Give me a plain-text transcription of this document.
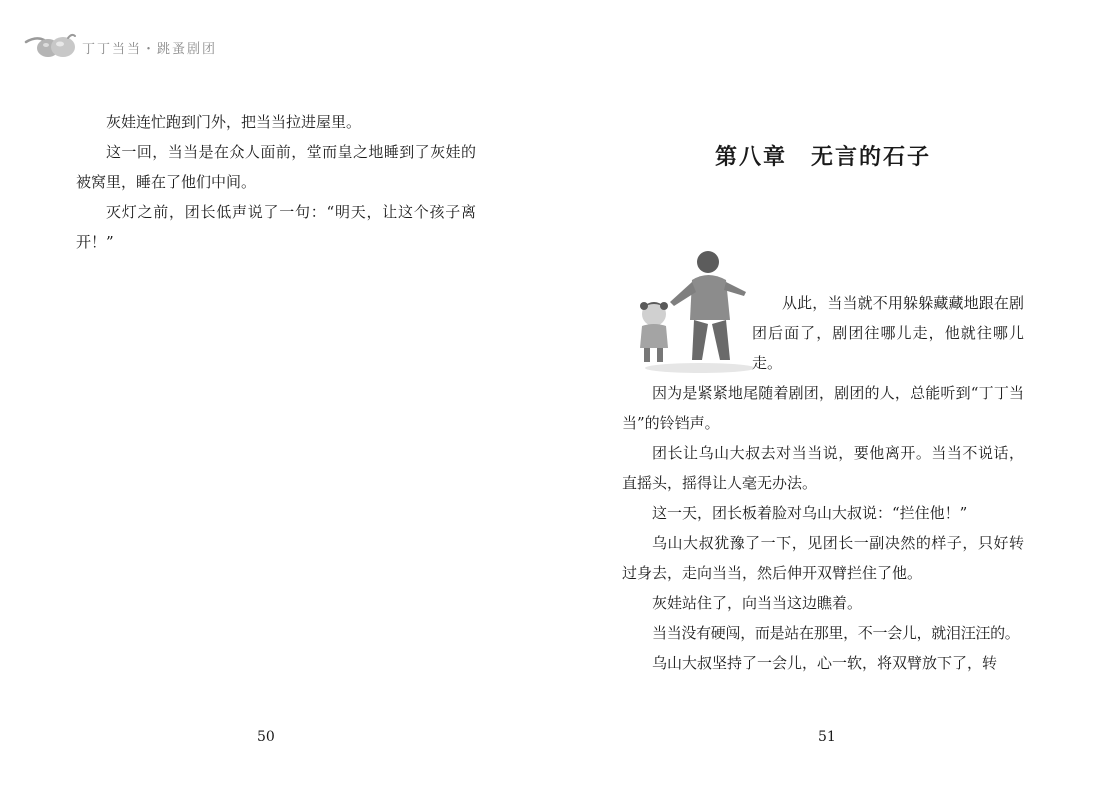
丁丁当当・跳蚤剧团

灰娃连忙跑到门外，把当当拉进屋里。

这一回，当当是在众人面前，堂而皇之地睡到了灰娃的被窝里，睡在了他们中间。

灭灯之前，团长低声说了一句：“明天，让这个孩子离开！”

第八章　无言的石子

从此，当当就不用躲躲藏藏地跟在剧团后面了，剧团往哪儿走，他就往哪儿走。

因为是紧紧地尾随着剧团，剧团的人，总能听到“丁丁当当”的铃铛声。

团长让乌山大叔去对当当说，要他离开。当当不说话，直摇头，摇得让人毫无办法。

这一天，团长板着脸对乌山大叔说：“拦住他！”

乌山大叔犹豫了一下，见团长一副决然的样子，只好转过身去，走向当当，然后伸开双臂拦住了他。

灰娃站住了，向当当这边瞧着。

当当没有硬闯，而是站在那里，不一会儿，就泪汪汪的。

乌山大叔坚持了一会儿，心一软，将双臂放下了，转

50	51
